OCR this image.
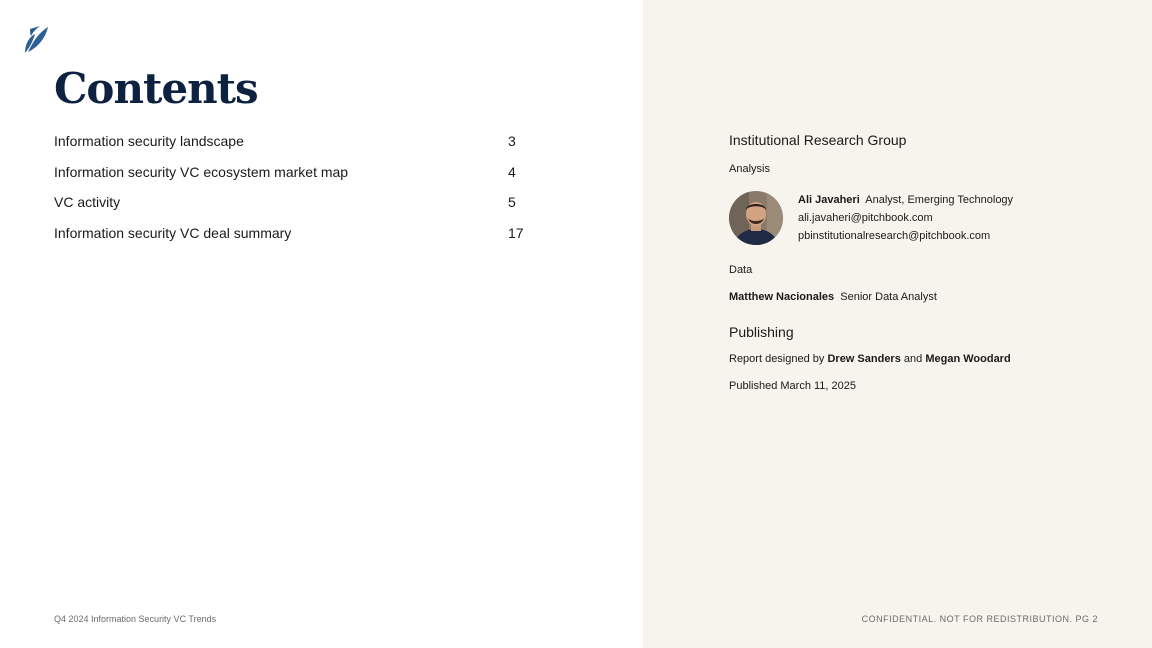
Contents
Information security landscape	3
Information security VC ecosystem market map	4
VC activity	5
Information security VC deal summary	17
Q4 2024 Information Security VC Trends
Institutional Research Group
Analysis
Ali Javaheri Analyst, Emerging Technology
ali.javaheri@pitchbook.com
pbinstitutionalresearch@pitchbook.com
Data
Matthew Nacionales Senior Data Analyst
Publishing
Report designed by Drew Sanders and Megan Woodard
Published March 11, 2025
CONFIDENTIAL. NOT FOR REDISTRIBUTION. PG 2
